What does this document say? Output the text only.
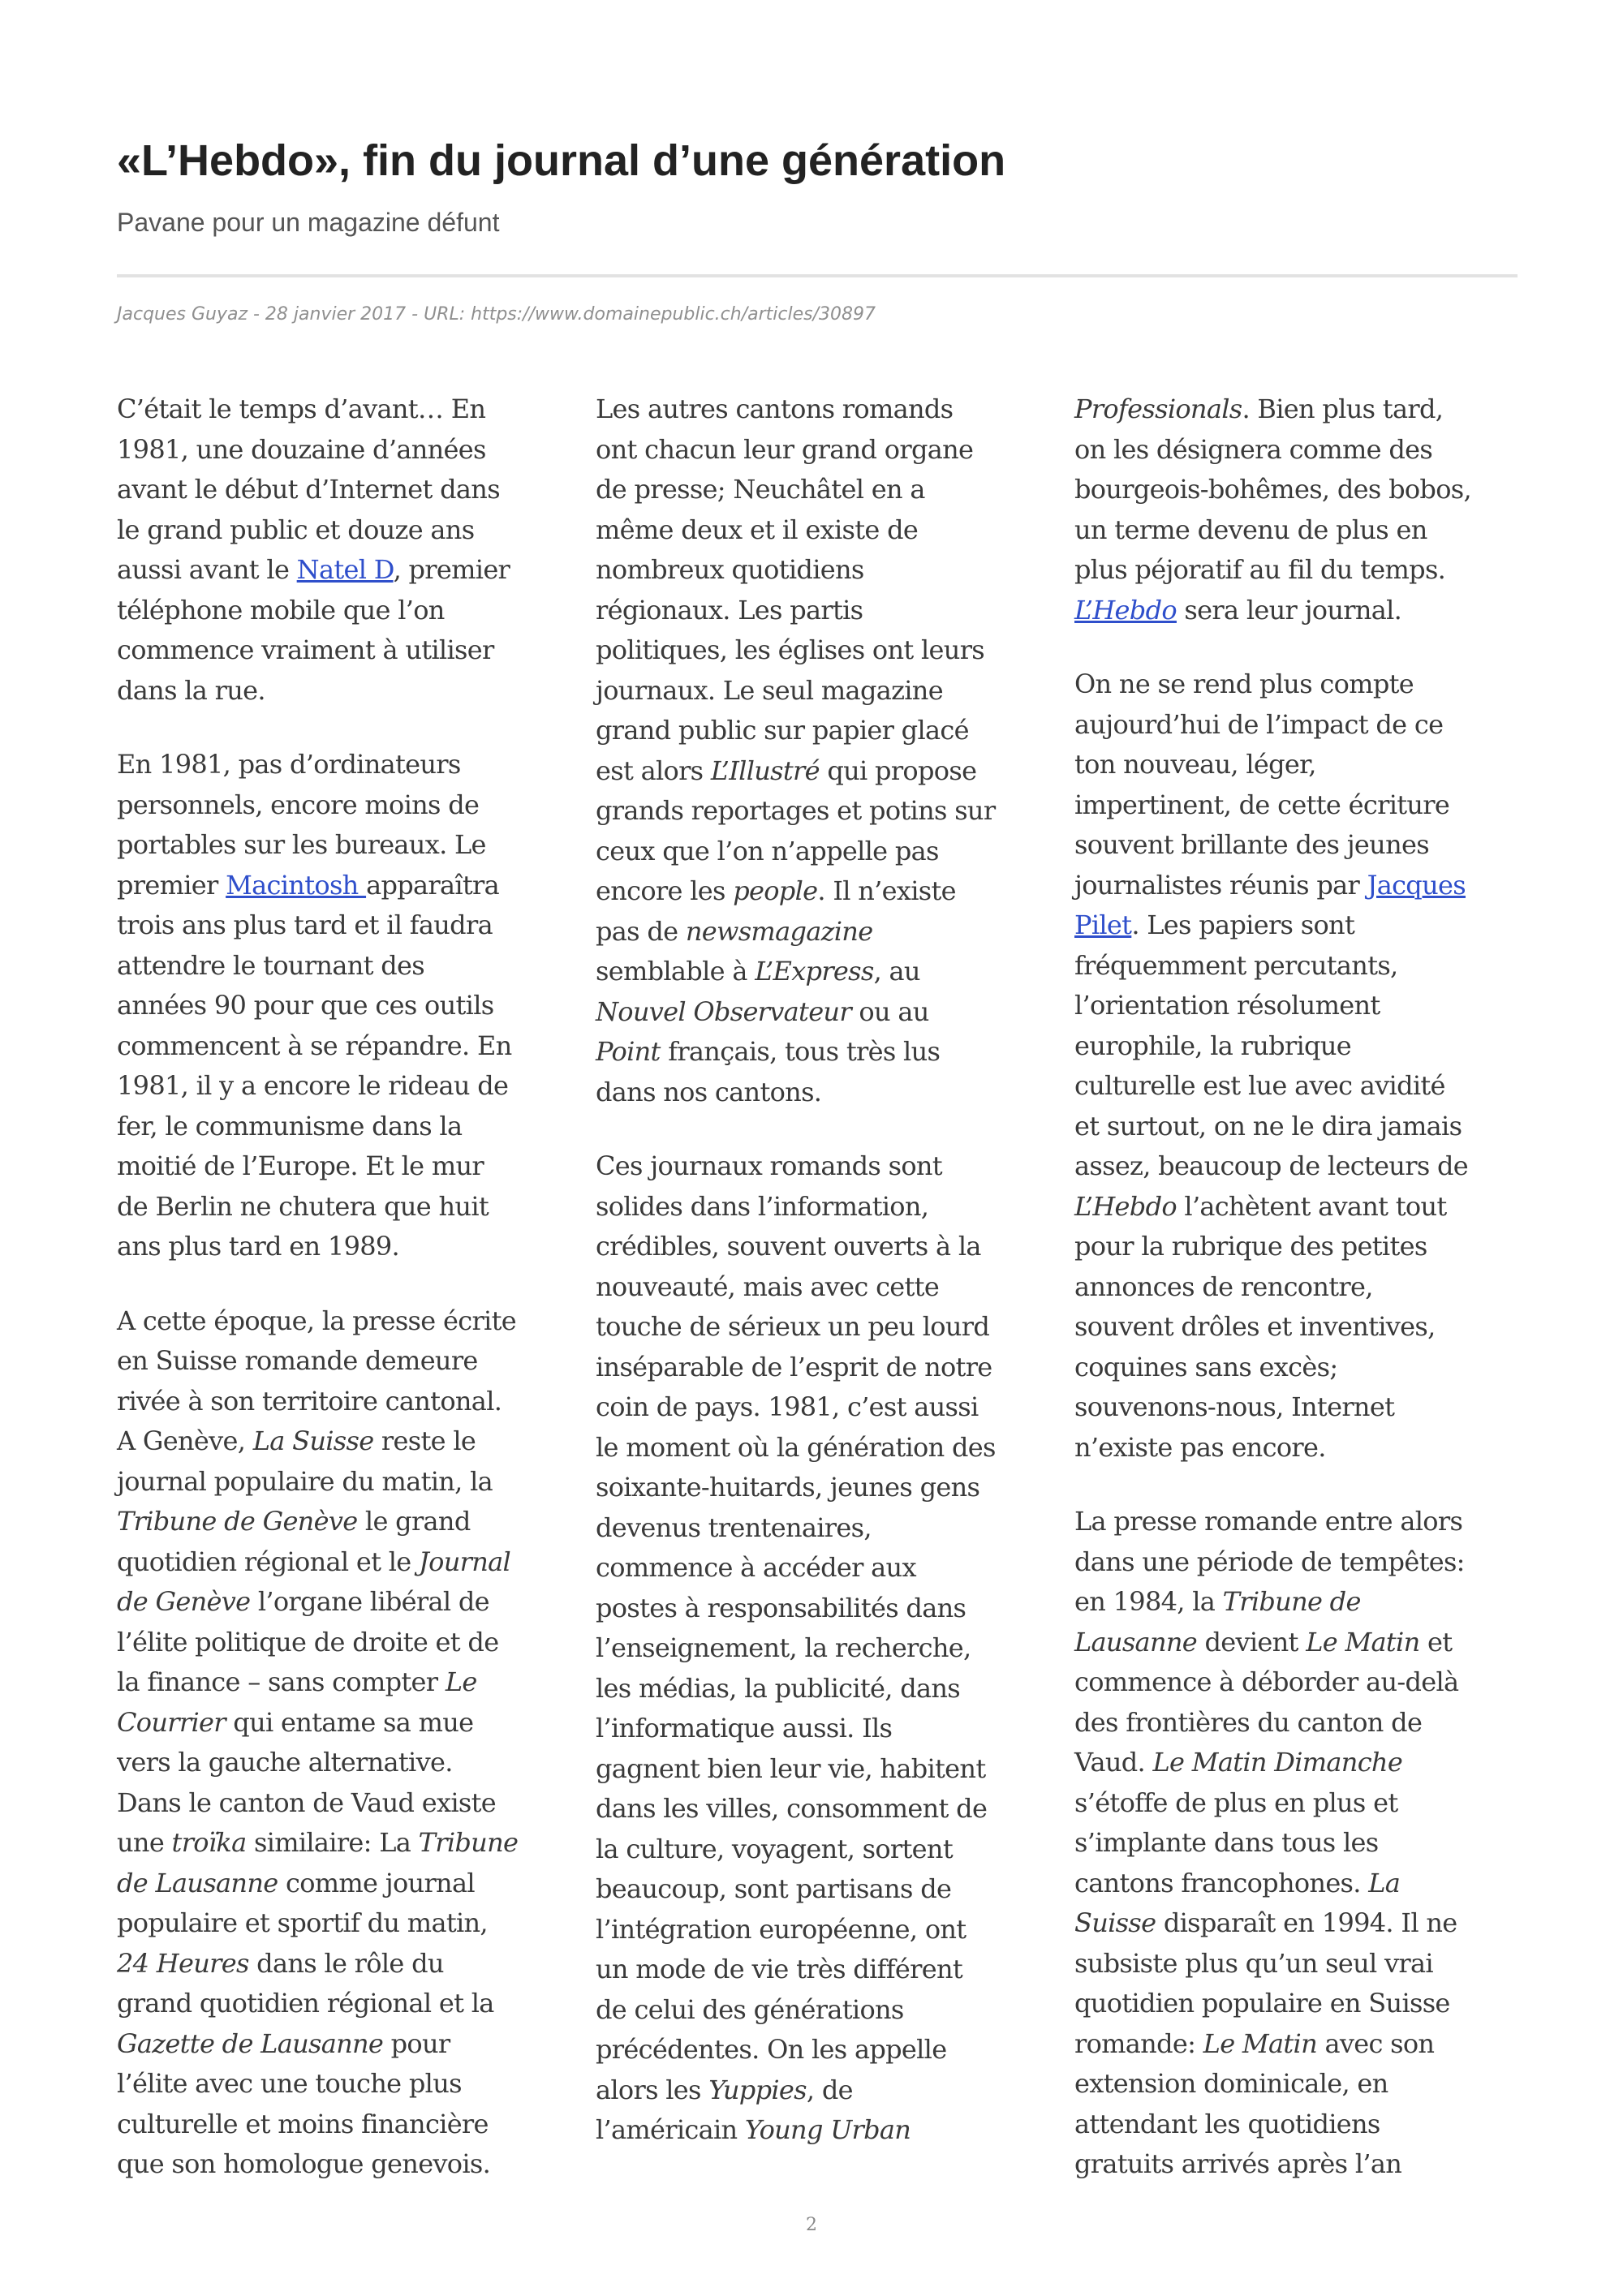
«L’Hebdo», fin du journal d’une génération
Pavane pour un magazine défunt
Jacques Guyaz - 28 janvier 2017 - URL: https://www.domainepublic.ch/articles/30897

C’était le temps d’avant… En
1981, une douzaine d’années
avant le début d’Internet dans
le grand public et douze ans
aussi avant le Natel D, premier
téléphone mobile que l’on
commence vraiment à utiliser
dans la rue.

En 1981, pas d’ordinateurs
personnels, encore moins de
portables sur les bureaux. Le
premier Macintosh apparaîtra
trois ans plus tard et il faudra
attendre le tournant des
années 90 pour que ces outils
commencent à se répandre. En
1981, il y a encore le rideau de
fer, le communisme dans la
moitié de l’Europe. Et le mur
de Berlin ne chutera que huit
ans plus tard en 1989.

A cette époque, la presse écrite
en Suisse romande demeure
rivée à son territoire cantonal.
A Genève, La Suisse reste le
journal populaire du matin, la
Tribune de Genève le grand
quotidien régional et le Journal
de Genève l’organe libéral de
l’élite politique de droite et de
la finance – sans compter Le
Courrier qui entame sa mue
vers la gauche alternative.
Dans le canton de Vaud existe
une troïka similaire: La Tribune
de Lausanne comme journal
populaire et sportif du matin,
24 Heures dans le rôle du
grand quotidien régional et la
Gazette de Lausanne pour
l’élite avec une touche plus
culturelle et moins financière
que son homologue genevois.

Les autres cantons romands
ont chacun leur grand organe
de presse; Neuchâtel en a
même deux et il existe de
nombreux quotidiens
régionaux. Les partis
politiques, les églises ont leurs
journaux. Le seul magazine
grand public sur papier glacé
est alors L’Illustré qui propose
grands reportages et potins sur
ceux que l’on n’appelle pas
encore les people. Il n’existe
pas de newsmagazine
semblable à L’Express, au
Nouvel Observateur ou au
Point français, tous très lus
dans nos cantons.

Ces journaux romands sont
solides dans l’information,
crédibles, souvent ouverts à la
nouveauté, mais avec cette
touche de sérieux un peu lourd
inséparable de l’esprit de notre
coin de pays. 1981, c’est aussi
le moment où la génération des
soixante-huitards, jeunes gens
devenus trentenaires,
commence à accéder aux
postes à responsabilités dans
l’enseignement, la recherche,
les médias, la publicité, dans
l’informatique aussi. Ils
gagnent bien leur vie, habitent
dans les villes, consomment de
la culture, voyagent, sortent
beaucoup, sont partisans de
l’intégration européenne, ont
un mode de vie très différent
de celui des générations
précédentes. On les appelle
alors les Yuppies, de
l’américain Young Urban

Professionals. Bien plus tard,
on les désignera comme des
bourgeois-bohêmes, des bobos,
un terme devenu de plus en
plus péjoratif au fil du temps.
L’Hebdo sera leur journal.

On ne se rend plus compte
aujourd’hui de l’impact de ce
ton nouveau, léger,
impertinent, de cette écriture
souvent brillante des jeunes
journalistes réunis par Jacques
Pilet. Les papiers sont
fréquemment percutants,
l’orientation résolument
europhile, la rubrique
culturelle est lue avec avidité
et surtout, on ne le dira jamais
assez, beaucoup de lecteurs de
L’Hebdo l’achètent avant tout
pour la rubrique des petites
annonces de rencontre,
souvent drôles et inventives,
coquines sans excès;
souvenons-nous, Internet
n’existe pas encore.

La presse romande entre alors
dans une période de tempêtes:
en 1984, la Tribune de
Lausanne devient Le Matin et
commence à déborder au-delà
des frontières du canton de
Vaud. Le Matin Dimanche
s’étoffe de plus en plus et
s’implante dans tous les
cantons francophones. La
Suisse disparaît en 1994. Il ne
subsiste plus qu’un seul vrai
quotidien populaire en Suisse
romande: Le Matin avec son
extension dominicale, en
attendant les quotidiens
gratuits arrivés après l’an

2
